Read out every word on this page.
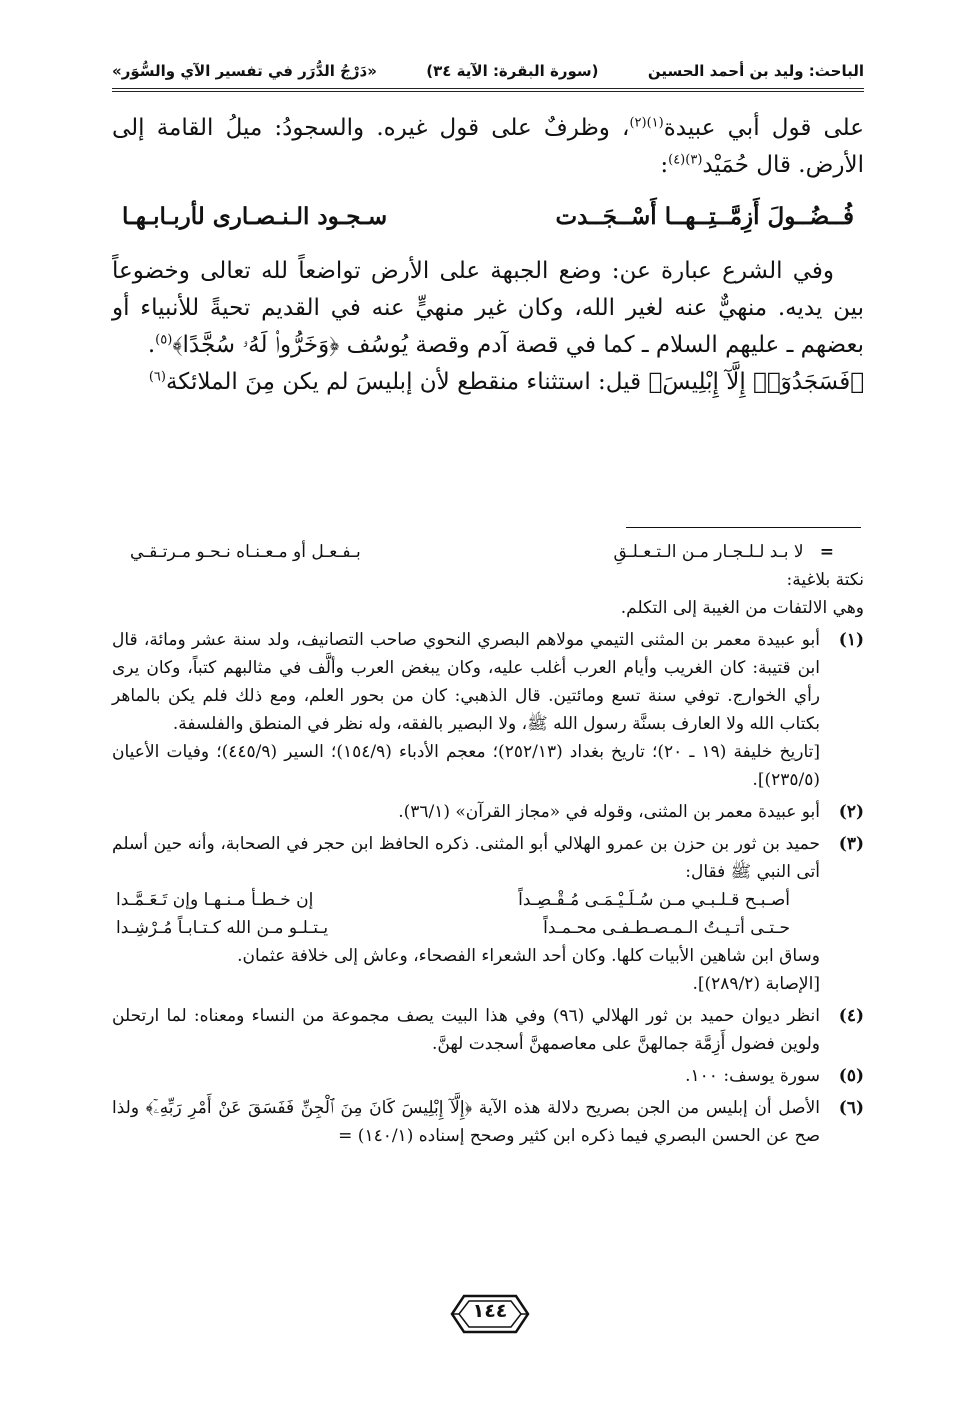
الباحث: وليد بن أحمد الحسين
(سورة البقرة: الآية ٣٤)
«دَرْجُ الدُّرَر في تفسير الآي والسُّوَر»

على قول أبي عبيدة$^{(١)(٢)}$، وظرفٌ على قول غيره. والسجودُ: ميلُ القامة إلى الأرض. قال حُمَيْد$^{(٣)(٤)}$:

فُــضُــولَ أَزِمَّــتِــهــا أَسْــجَــدت
سـجـود الـنـصـارى لأربـابـهـا

وفي الشرع عبارة عن: وضع الجبهة على الأرض تواضعاً لله تعالى وخضوعاً بين يديه. منهيٌّ عنه لغير الله، وكان غير منهيٍّ عنه في القديم تحيةً للأنبياء أو بعضهم ـ عليهم السلام ـ كما في قصة آدم وقصة يُوسُف ﴿وَخَرُّوا۟ لَهُۥ سُجَّدًا﴾$^{(٥)}$.

﴿فَسَجَدُوٓا۟ إِلَّآ إِبْلِيسَ﴾ قيل: استثناء منقطع لأن إبليسَ لم يكن مِنَ الملائكة$^{(٦)}$

=   لا بـد لـلـجـار مـن الـتـعـلـقِ
بـفـعـل أو مـعـنـاه نـحـو مـرتـقـي

نكتة بلاغية:

وهي الالتفات من الغيبة إلى التكلم.

(١)

أبو عبيدة معمر بن المثنى التيمي مولاهم البصري النحوي صاحب التصانيف، ولد سنة عشر ومائة، قال ابن قتيبة: كان الغريب وأيام العرب أغلب عليه، وكان يبغض العرب وألَّف في مثالبهم كتباً، وكان يرى رأي الخوارج. توفي سنة تسع ومائتين. قال الذهبي: كان من بحور العلم، ومع ذلك فلم يكن بالماهر بكتاب الله ولا العارف بسنَّة رسول الله ﷺ، ولا البصير بالفقه، وله نظر في المنطق والفلسفة.

[تاريخ خليفة (١٩ ـ ٢٠)؛ تاريخ بغداد (٢٥٢/١٣)؛ معجم الأدباء (١٥٤/٩)؛ السير (٤٤٥/٩)؛ وفيات الأعيان (٢٣٥/٥)].

(٢)

أبو عبيدة معمر بن المثنى، وقوله في «مجاز القرآن» (٣٦/١).

(٣)

حميد بن ثور بن حزن بن عمرو الهلالي أبو المثنى. ذكره الحافظ ابن حجر في الصحابة، وأنه حين أسلم أتى النبي ﷺ فقال:

أصـبـح قـلـبـي مـن سُـلَـيْـمَـى مُـقْـصِـداً
إن خـطـأ مـنـهـا وإن تَـعَـمَّـدا
حـتـى أتـيـتُ الـمـصـطـفـى محـمـداً
يـتـلـو مـن الله كـتـابـاً مُـرْشِـدا

وساق ابن شاهين الأبيات كلها. وكان أحد الشعراء الفصحاء، وعاش إلى خلافة عثمان.

[الإصابة (٢٨٩/٢)].

(٤)

انظر ديوان حميد بن ثور الهلالي (٩٦) وفي هذا البيت يصف مجموعة من النساء ومعناه: لما ارتحلن ولوين فضول أَزِمَّة جمالهنَّ على معاصمهنَّ أسجدت لهنَّ.

(٥)

سورة يوسف: ١٠٠.

(٦)

الأصل أن إبليس من الجن بصريح دلالة هذه الآية ﴿إِلَّآ إِبْلِيسَ كَانَ مِنَ ٱلْجِنِّ فَفَسَقَ عَنْ أَمْرِ رَبِّهِۦٓ﴾ ولذا صح عن الحسن البصري فيما ذكره ابن كثير وصحح إسناده (١٤٠/١) =

١٤٤
